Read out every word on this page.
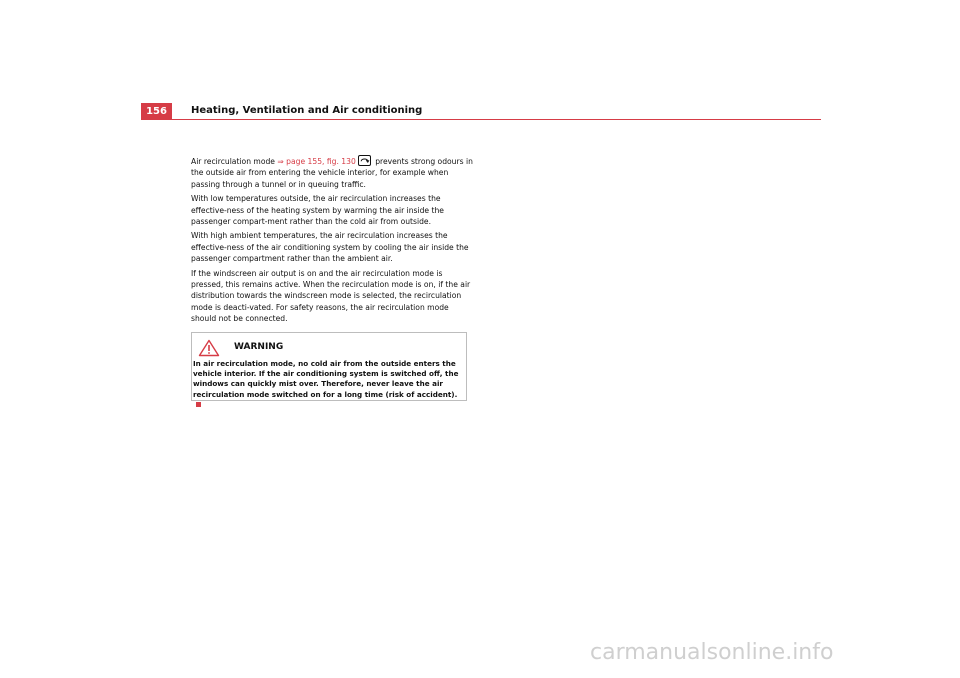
156	Heating, Ventilation and Air conditioning

Air recirculation mode ⇒ page 155, fig. 130
prevents strong odours in the outside air from entering the vehicle interior, for example when passing through a tunnel or in queuing traffic.

With low temperatures outside, the air recirculation increases the effective-ness of the heating system by warming the air inside the passenger compart-ment rather than the cold air from outside.

With high ambient temperatures, the air recirculation increases the effective-ness of the air conditioning system by cooling the air inside the passenger compartment rather than the ambient air.

If the windscreen air output is on and the air recirculation mode is pressed, this remains active. When the recirculation mode is on, if the air distribution towards the windscreen mode is selected, the recirculation mode is deacti-vated. For safety reasons, the air recirculation mode should not be connected.

WARNING
In air recirculation mode, no cold air from the outside enters the vehicle interior. If the air conditioning system is switched off, the windows can quickly mist over. Therefore, never leave the air recirculation mode switched on for a long time (risk of accident).
carmanualsonline.info
